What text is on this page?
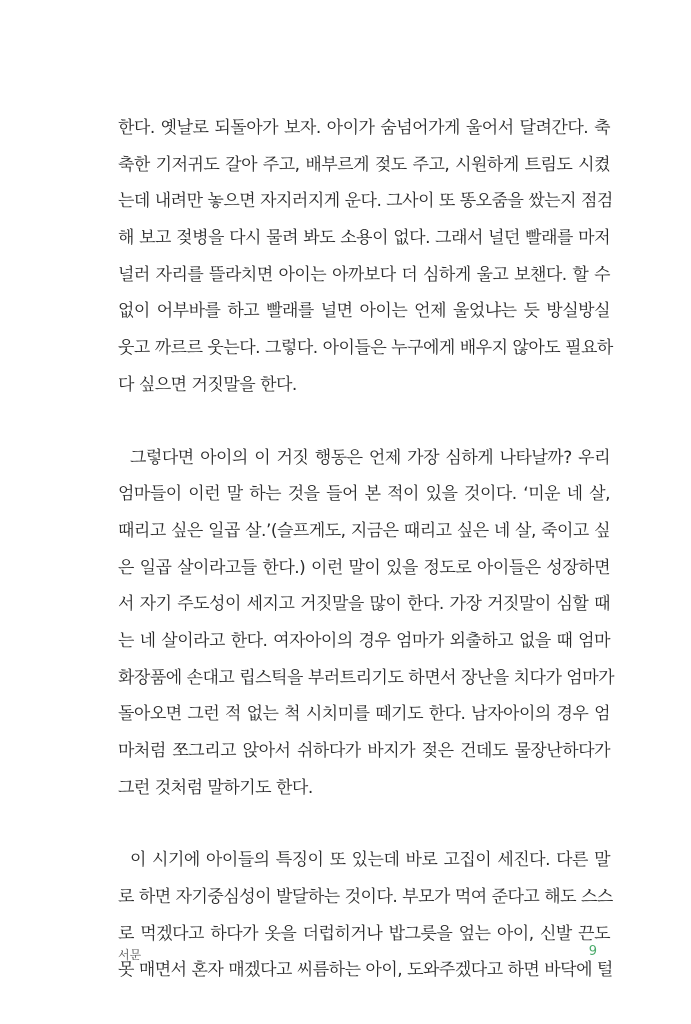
한다. 옛날로 되돌아가 보자. 아이가 숨넘어가게 울어서 달려간다. 축
축한 기저귀도 갈아 주고, 배부르게 젖도 주고, 시원하게 트림도 시켰
는데 내려만 놓으면 자지러지게 운다. 그사이 또 똥오줌을 쌌는지 점검
해 보고 젖병을 다시 물려 봐도 소용이 없다. 그래서 널던 빨래를 마저
널러 자리를 뜰라치면 아이는 아까보다 더 심하게 울고 보챈다. 할 수
없이 어부바를 하고 빨래를 널면 아이는 언제 울었냐는 듯 방실방실
웃고 까르르 웃는다. 그렇다. 아이들은 누구에게 배우지 않아도 필요하
다 싶으면 거짓말을 한다.
그렇다면 아이의 이 거짓 행동은 언제 가장 심하게 나타날까? 우리
엄마들이 이런 말 하는 것을 들어 본 적이 있을 것이다. ‘미운 네 살,
때리고 싶은 일곱 살.’(슬프게도, 지금은 때리고 싶은 네 살, 죽이고 싶
은 일곱 살이라고들 한다.) 이런 말이 있을 정도로 아이들은 성장하면
서 자기 주도성이 세지고 거짓말을 많이 한다. 가장 거짓말이 심할 때
는 네 살이라고 한다. 여자아이의 경우 엄마가 외출하고 없을 때 엄마
화장품에 손대고 립스틱을 부러트리기도 하면서 장난을 치다가 엄마가
돌아오면 그런 적 없는 척 시치미를 떼기도 한다. 남자아이의 경우 엄
마처럼 쪼그리고 앉아서 쉬하다가 바지가 젖은 건데도 물장난하다가
그런 것처럼 말하기도 한다.
이 시기에 아이들의 특징이 또 있는데 바로 고집이 세진다. 다른 말
로 하면 자기중심성이 발달하는 것이다. 부모가 먹여 준다고 해도 스스
로 먹겠다고 하다가 옷을 더럽히거나 밥그릇을 엎는 아이, 신발 끈도
못 매면서 혼자 매겠다고 씨름하는 아이, 도와주겠다고 하면 바닥에 털
서문	9
